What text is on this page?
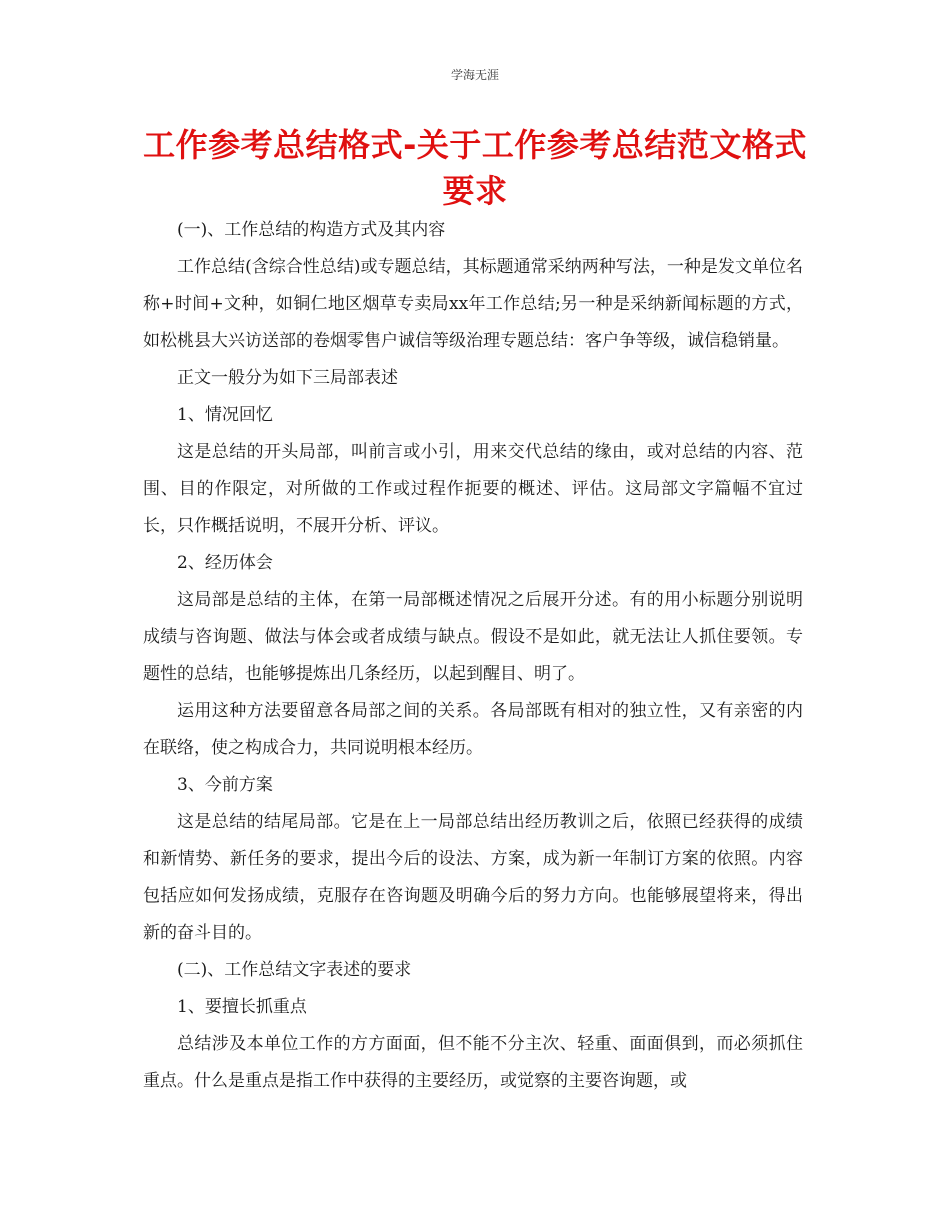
学海无涯
工作参考总结格式-关于工作参考总结范文格式要求

(一)、工作总结的构造方式及其内容

工作总结(含综合性总结)或专题总结，其标题通常采纳两种写法，一种是发文单位名称+时间+文种，如铜仁地区烟草专卖局xx年工作总结;另一种是采纳新闻标题的方式，如松桃县大兴访送部的卷烟零售户诚信等级治理专题总结：客户争等级，诚信稳销量。

正文一般分为如下三局部表述

1、情况回忆

这是总结的开头局部，叫前言或小引，用来交代总结的缘由，或对总结的内容、范围、目的作限定，对所做的工作或过程作扼要的概述、评估。这局部文字篇幅不宜过长，只作概括说明，不展开分析、评议。

2、经历体会

这局部是总结的主体，在第一局部概述情况之后展开分述。有的用小标题分别说明成绩与咨询题、做法与体会或者成绩与缺点。假设不是如此，就无法让人抓住要领。专题性的总结，也能够提炼出几条经历，以起到醒目、明了。

运用这种方法要留意各局部之间的关系。各局部既有相对的独立性，又有亲密的内在联络，使之构成合力，共同说明根本经历。

3、今前方案

这是总结的结尾局部。它是在上一局部总结出经历教训之后，依照已经获得的成绩和新情势、新任务的要求，提出今后的设法、方案，成为新一年制订方案的依照。内容包括应如何发扬成绩，克服存在咨询题及明确今后的努力方向。也能够展望将来，得出新的奋斗目的。

(二)、工作总结文字表述的要求

1、要擅长抓重点

总结涉及本单位工作的方方面面，但不能不分主次、轻重、面面俱到，而必须抓住重点。什么是重点是指工作中获得的主要经历，或觉察的主要咨询题，或
